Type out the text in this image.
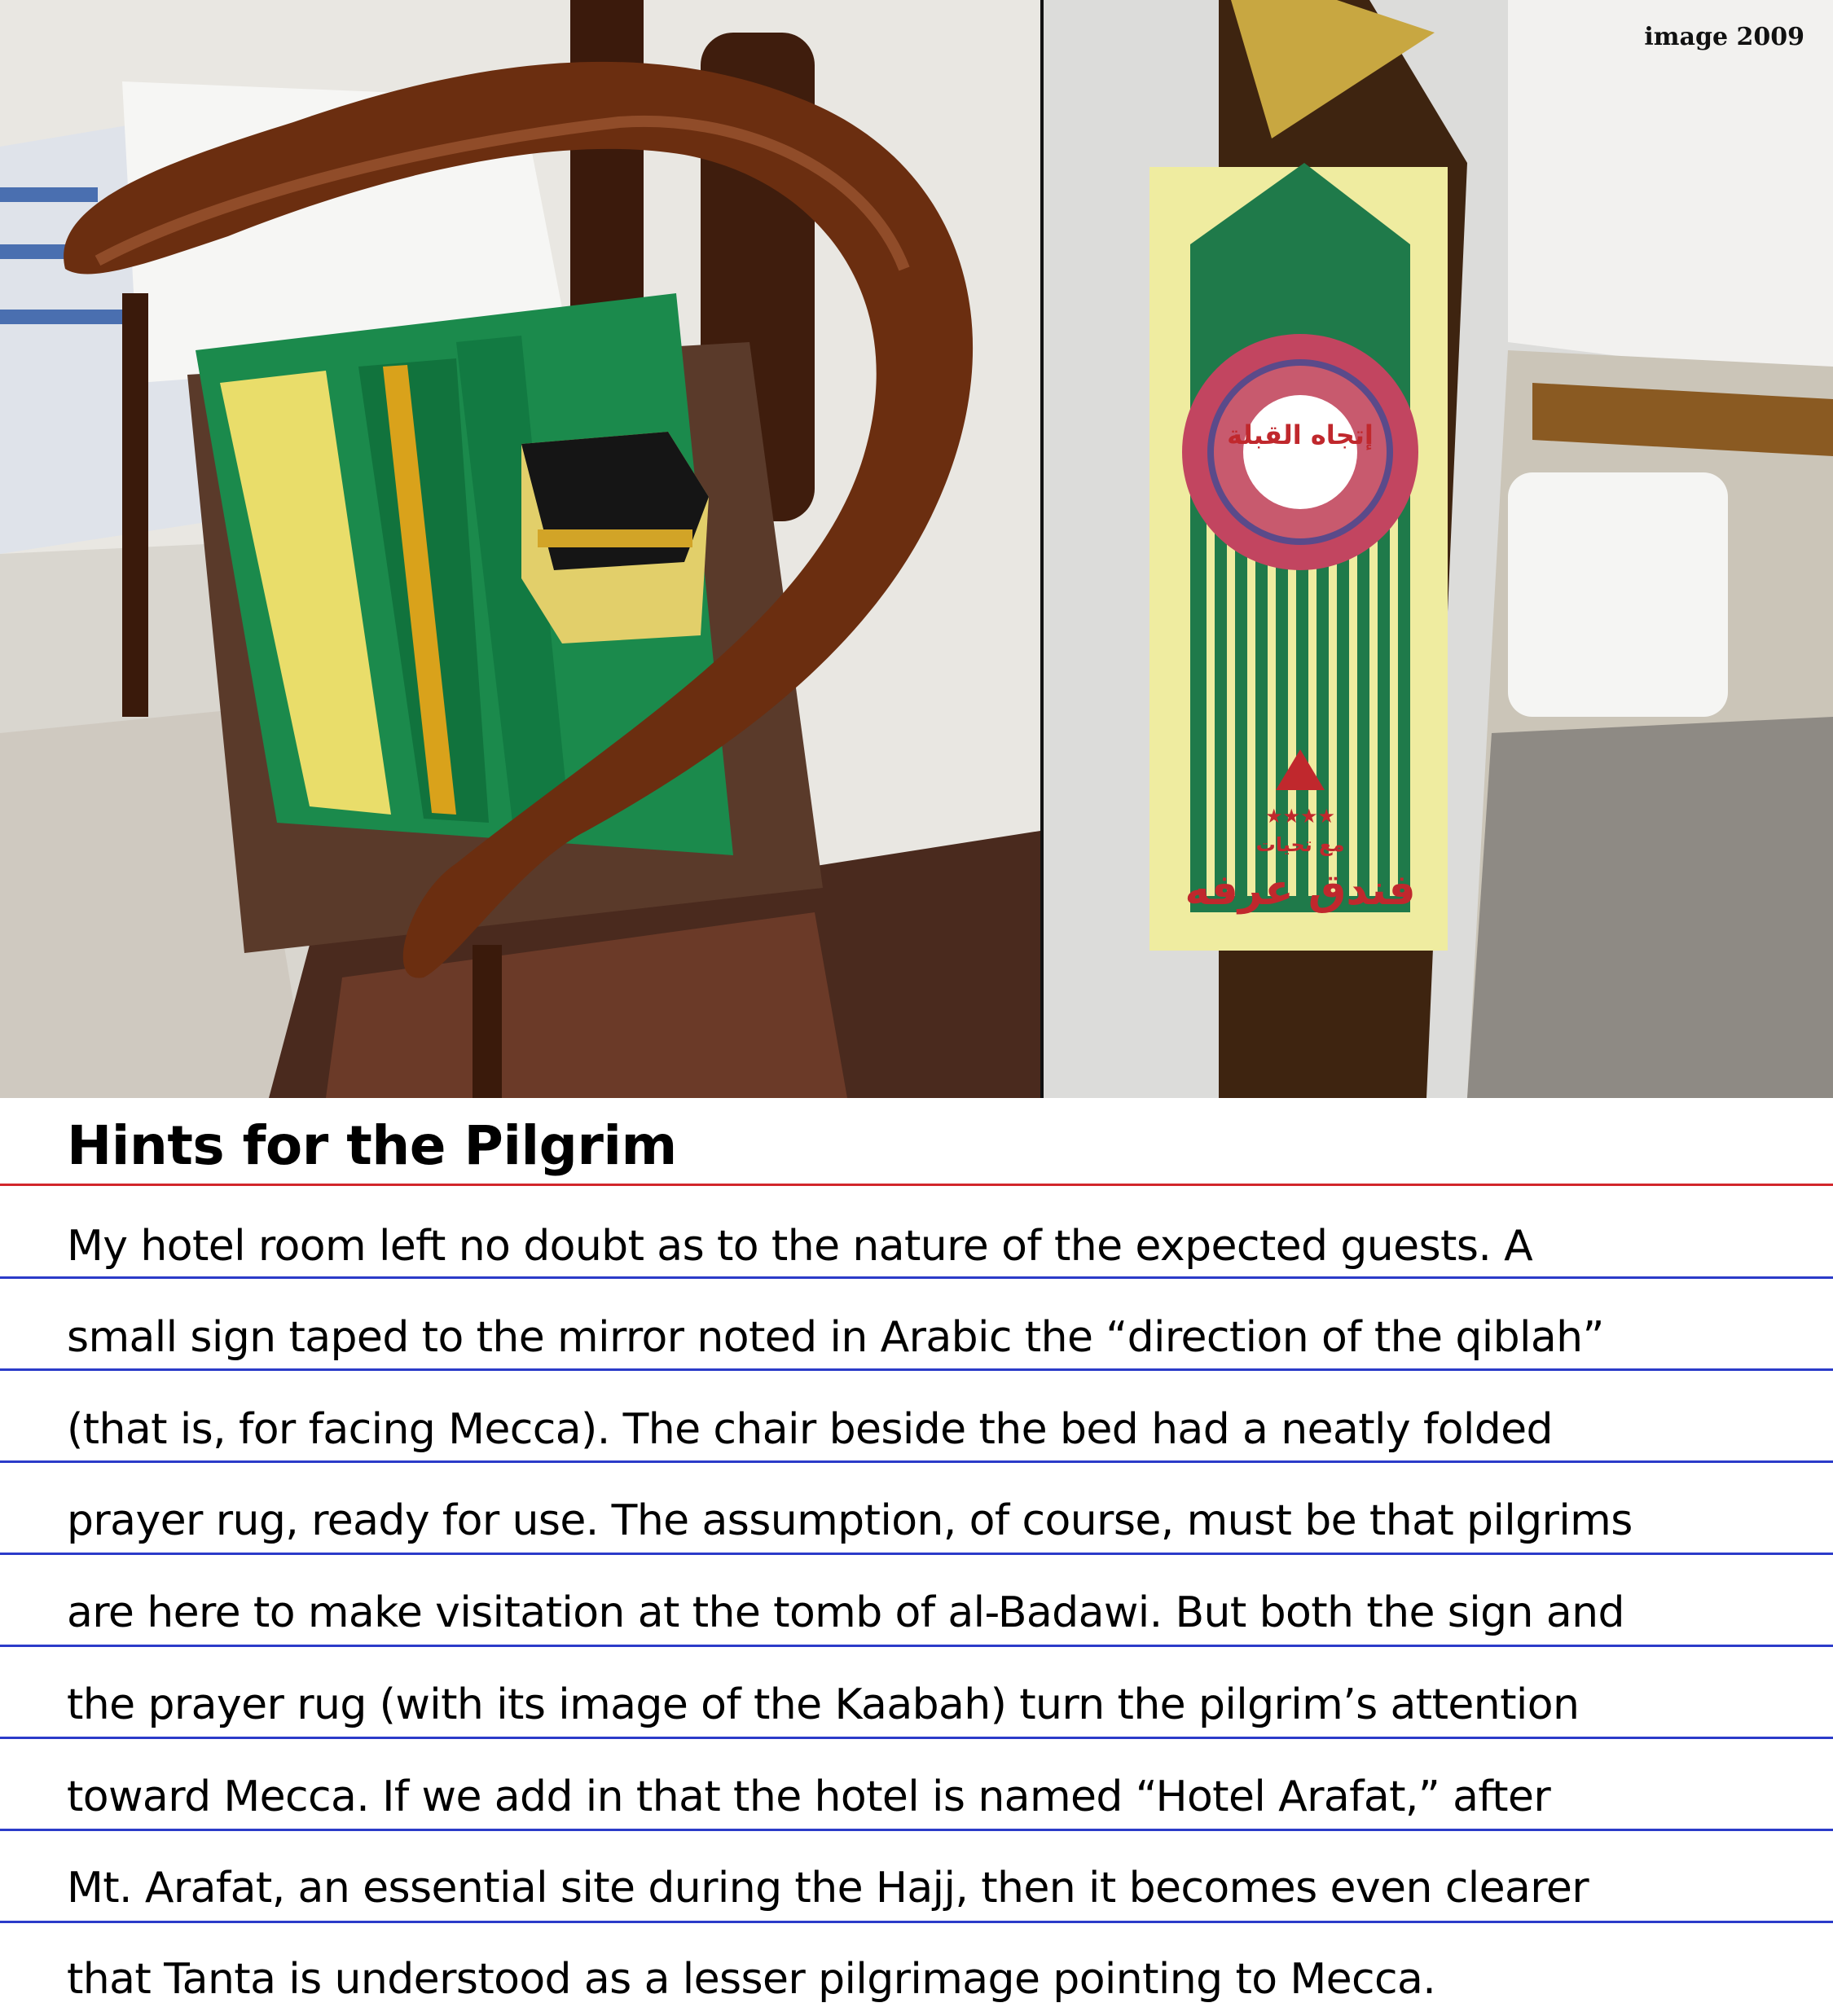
إتجاه القبلة
★★★★
مع تحيات
فندق عرفه
image 2009
Hints for the Pilgrim
My hotel room left no doubt as to the nature of the expected guests. A
small sign taped to the mirror noted in Arabic the “direction of the qiblah”
(that is, for facing Mecca). The chair beside the bed had a neatly folded
prayer rug, ready for use. The assumption, of course, must be that pilgrims
are here to make visitation at the tomb of al-Badawi. But both the sign and
the prayer rug (with its image of the Kaabah) turn the pilgrim’s attention
toward Mecca. If we add in that the hotel is named “Hotel Arafat,” after
Mt. Arafat, an essential site during the Hajj, then it becomes even clearer
that Tanta is understood as a lesser pilgrimage pointing to Mecca.
